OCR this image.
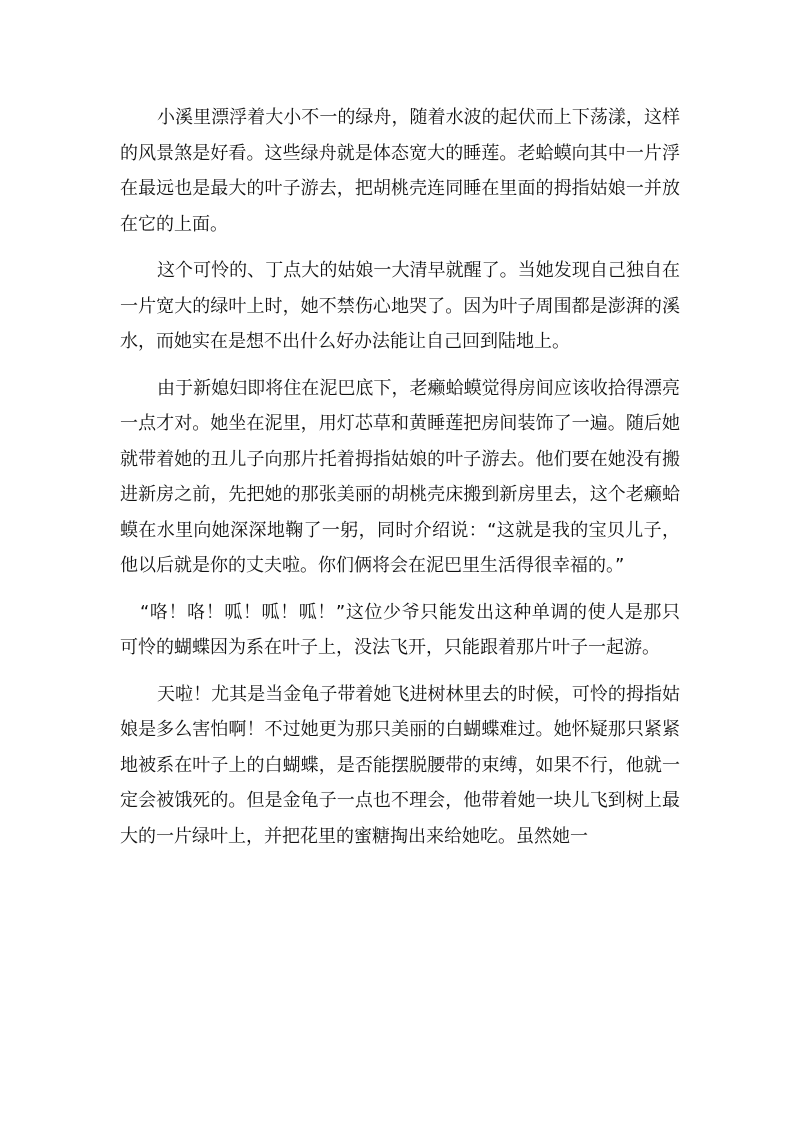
小溪里漂浮着大小不一的绿舟，随着水波的起伏而上下荡漾，这样的风景煞是好看。这些绿舟就是体态宽大的睡莲。老蛤蟆向其中一片浮在最远也是最大的叶子游去，把胡桃壳连同睡在里面的拇指姑娘一并放在它的上面。

这个可怜的、丁点大的姑娘一大清早就醒了。当她发现自己独自在一片宽大的绿叶上时，她不禁伤心地哭了。因为叶子周围都是澎湃的溪水，而她实在是想不出什么好办法能让自己回到陆地上。

由于新媳妇即将住在泥巴底下，老癞蛤蟆觉得房间应该收拾得漂亮一点才对。她坐在泥里，用灯芯草和黄睡莲把房间装饰了一遍。随后她就带着她的丑儿子向那片托着拇指姑娘的叶子游去。他们要在她没有搬进新房之前，先把她的那张美丽的胡桃壳床搬到新房里去，这个老癞蛤蟆在水里向她深深地鞠了一躬，同时介绍说：“这就是我的宝贝儿子，他以后就是你的丈夫啦。你们俩将会在泥巴里生活得很幸福的。”

“咯！咯！呱！呱！呱！”这位少爷只能发出这种单调的使人是那只可怜的蝴蝶因为系在叶子上，没法飞开，只能跟着那片叶子一起游。

天啦！尤其是当金龟子带着她飞进树林里去的时候，可怜的拇指姑娘是多么害怕啊！不过她更为那只美丽的白蝴蝶难过。她怀疑那只紧紧地被系在叶子上的白蝴蝶，是否能摆脱腰带的束缚，如果不行，他就一定会被饿死的。但是金龟子一点也不理会，他带着她一块儿飞到树上最大的一片绿叶上，并把花里的蜜糖掏出来给她吃。虽然她一
